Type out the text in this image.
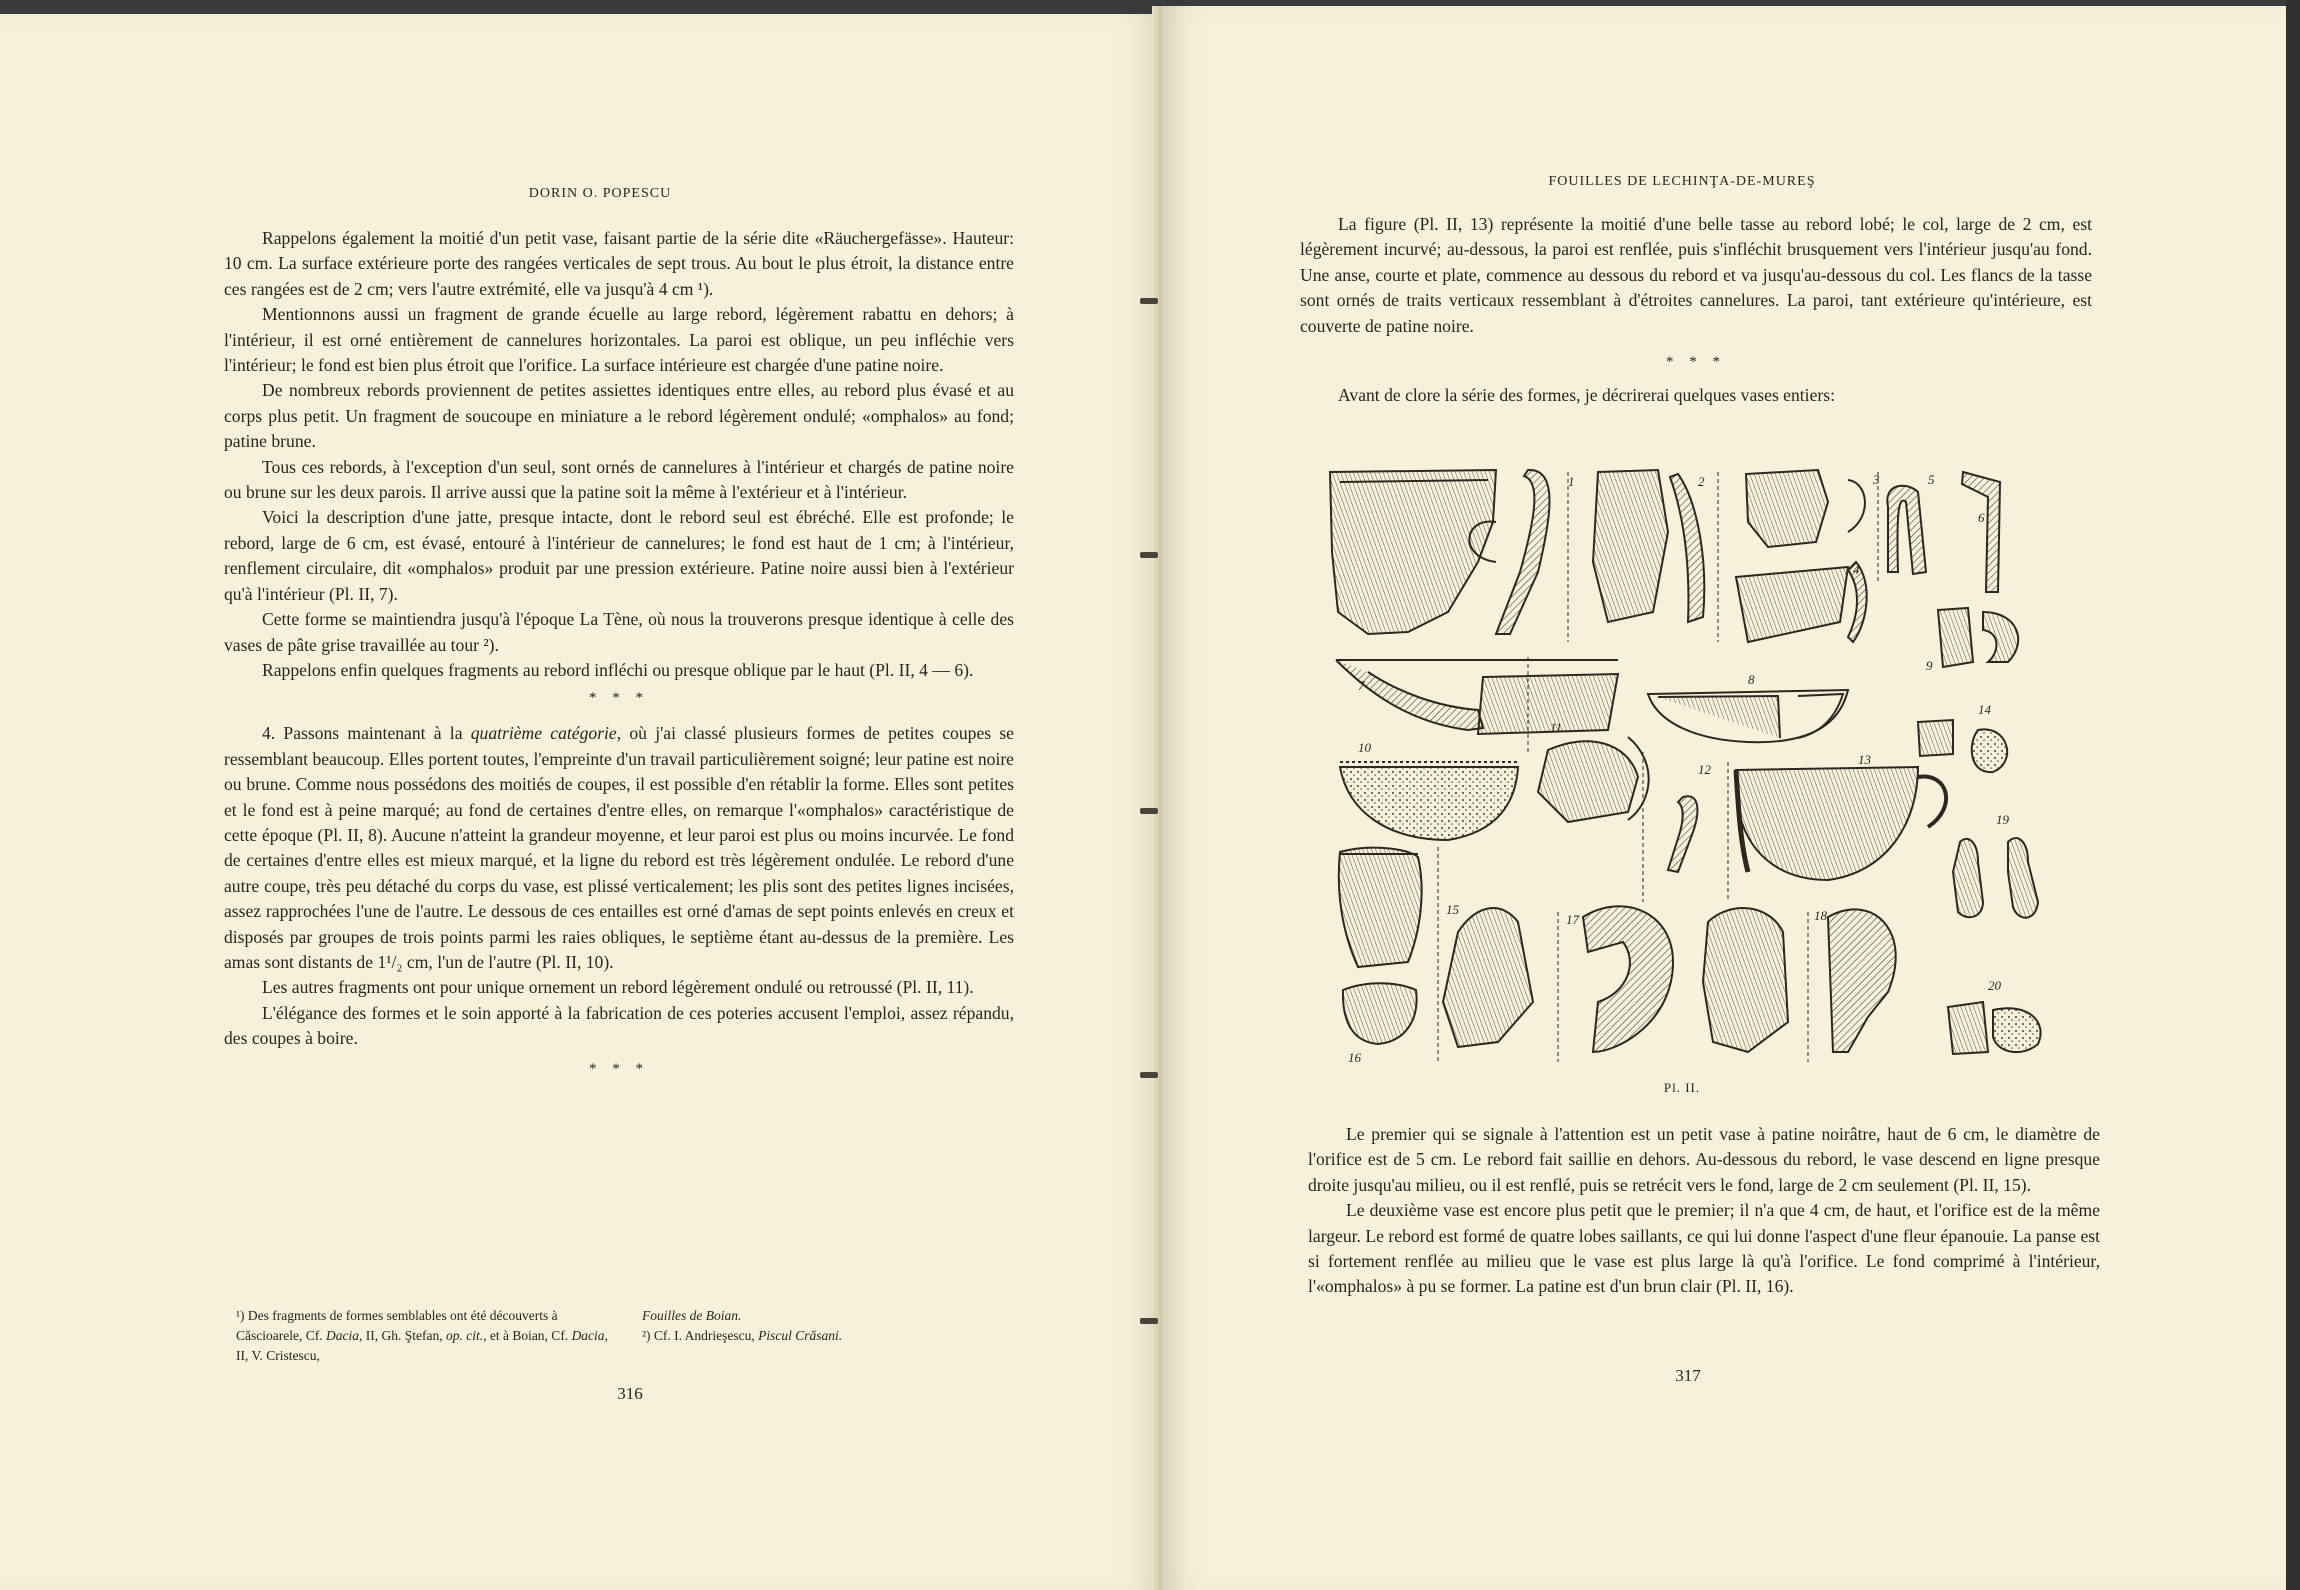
DORIN O. POPESCU

Rappelons également la moitié d'un petit vase, faisant partie de la série dite «Räuchergefässe». Hauteur: 10 cm. La surface extérieure porte des rangées verticales de sept trous. Au bout le plus étroit, la distance entre ces rangées est de 2 cm; vers l'autre extrémité, elle va jusqu'à 4 cm ¹).

Mentionnons aussi un fragment de grande écuelle au large rebord, légèrement rabattu en dehors; à l'intérieur, il est orné entièrement de cannelures horizontales. La paroi est oblique, un peu infléchie vers l'intérieur; le fond est bien plus étroit que l'orifice. La surface intérieure est chargée d'une patine noire.

De nombreux rebords proviennent de petites assiettes identiques entre elles, au rebord plus évasé et au corps plus petit. Un fragment de soucoupe en miniature a le rebord légèrement ondulé; «omphalos» au fond; patine brune.

Tous ces rebords, à l'exception d'un seul, sont ornés de cannelures à l'intérieur et chargés de patine noire ou brune sur les deux parois. Il arrive aussi que la patine soit la même à l'extérieur et à l'intérieur.

Voici la description d'une jatte, presque intacte, dont le rebord seul est ébréché. Elle est profonde; le rebord, large de 6 cm, est évasé, entouré à l'intérieur de cannelures; le fond est haut de 1 cm; à l'intérieur, renflement circulaire, dit «omphalos» produit par une pression extérieure. Patine noire aussi bien à l'extérieur qu'à l'intérieur (Pl. II, 7).

Cette forme se maintiendra jusqu'à l'époque La Tène, où nous la trouverons presque identique à celle des vases de pâte grise travaillée au tour ²).

Rappelons enfin quelques fragments au rebord infléchi ou presque oblique par le haut (Pl. II, 4 — 6).

* * *

4. Passons maintenant à la quatrième catégorie, où j'ai classé plusieurs formes de petites coupes se ressemblant beaucoup. Elles portent toutes, l'empreinte d'un travail particulièrement soigné; leur patine est noire ou brune. Comme nous possédons des moitiés de coupes, il est possible d'en rétablir la forme. Elles sont petites et le fond est à peine marqué; au fond de certaines d'entre elles, on remarque l'«omphalos» caractéristique de cette époque (Pl. II, 8). Aucune n'atteint la grandeur moyenne, et leur paroi est plus ou moins incurvée. Le fond de certaines d'entre elles est mieux marqué, et la ligne du rebord est très légèrement ondulée. Le rebord d'une autre coupe, très peu détaché du corps du vase, est plissé verticalement; les plis sont des petites lignes incisées, assez rapprochées l'une de l'autre. Le dessous de ces entailles est orné d'amas de sept points enlevés en creux et disposés par groupes de trois points parmi les raies obliques, le septième étant au-dessus de la première. Les amas sont distants de 1¹/₂ cm, l'un de l'autre (Pl. II, 10).

Les autres fragments ont pour unique ornement un rebord légèrement ondulé ou retroussé (Pl. II, 11).

L'élégance des formes et le soin apporté à la fabrication de ces poteries accusent l'emploi, assez répandu, des coupes à boire.

* * *
¹) Des fragments de formes semblables ont été découverts à Căscioarele, Cf. Dacia, II, Gh. Ştefan, op. cit., et à Boian, Cf. Dacia, II, V. Cristescu,
Fouilles de Boian.
²) Cf. I. Andrieşescu, Piscul Crăsani.
316
FOUILLES DE LECHINŢA-DE-MUREŞ

La figure (Pl. II, 13) représente la moitié d'une belle tasse au rebord lobé; le col, large de 2 cm, est légèrement incurvé; au-dessous, la paroi est renflée, puis s'infléchit brusquement vers l'intérieur jusqu'au fond. Une anse, courte et plate, commence au dessous du rebord et va jusqu'au-dessous du col. Les flancs de la tasse sont ornés de traits verticaux ressemblant à d'étroites cannelures. La paroi, tant extérieure qu'intérieure, est couverte de patine noire.

* * *

Avant de clore la série des formes, je décrirerai quelques vases entiers:

Pl. II.

Le premier qui se signale à l'attention est un petit vase à patine noirâtre, haut de 6 cm, le diamètre de l'orifice est de 5 cm. Le rebord fait saillie en dehors. Au-dessous du rebord, le vase descend en ligne presque droite jusqu'au milieu, ou il est renflé, puis se retrécit vers le fond, large de 2 cm seulement (Pl. II, 15).

Le deuxième vase est encore plus petit que le premier; il n'a que 4 cm, de haut, et l'orifice est de la même largeur. Le rebord est formé de quatre lobes saillants, ce qui lui donne l'aspect d'une fleur épanouie. La panse est si fortement renflée au milieu que le vase est plus large là qu'à l'orifice. Le fond comprimé à l'intérieur, l'«omphalos» à pu se former. La patine est d'un brun clair (Pl. II, 16).

317
1	2	3
4
5
6
7	8
9
10
11
12
13
14
15
16
17	18
19
20
